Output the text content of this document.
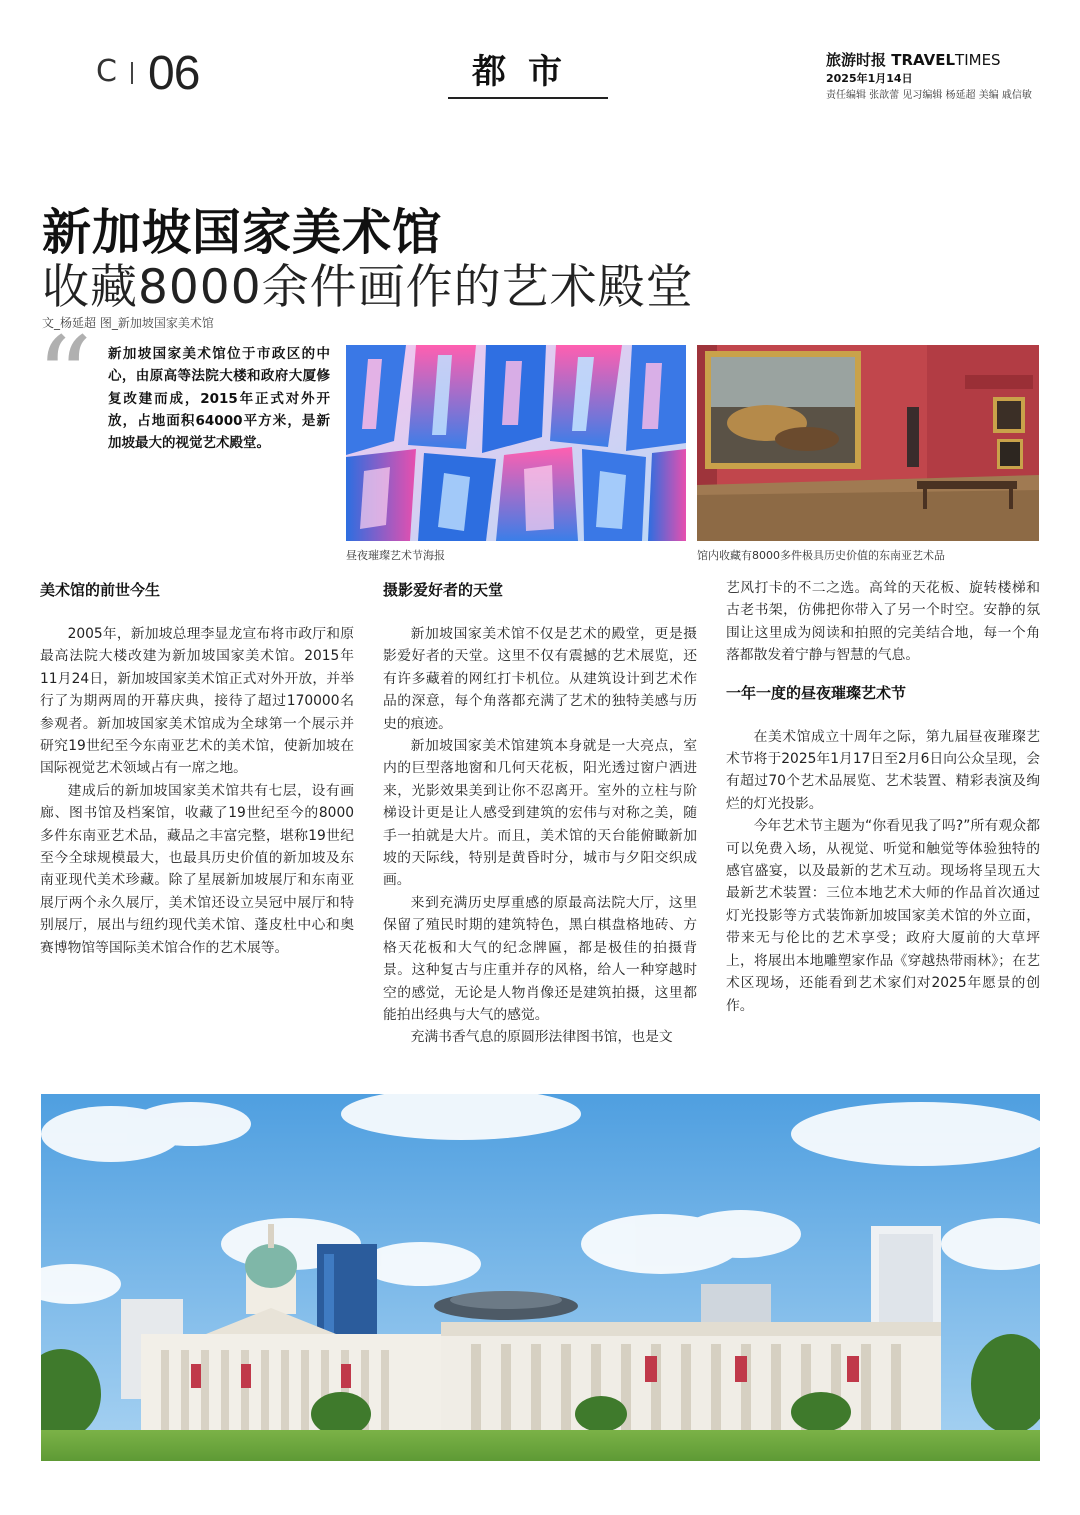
C 06	都市	旅游时报 TRAVELTIMES
2025年1月14日
责任编辑 张歆蕾 见习编辑 杨延超 美编 戚信敏
新加坡国家美术馆
收藏8000余件画作的艺术殿堂
文_杨延超 图_新加坡国家美术馆
“ 新加坡国家美术馆位于市政区的中心，由原高等法院大楼和政府大厦修复改建而成，2015年正式对外开放，占地面积64000平方米，是新加坡最大的视觉艺术殿堂。
昼夜璀璨艺术节海报	馆内收藏有8000多件极具历史价值的东南亚艺术品
美术馆的前世今生

2005年，新加坡总理李显龙宣布将市政厅和原最高法院大楼改建为新加坡国家美术馆。2015年11月24日，新加坡国家美术馆正式对外开放，并举行了为期两周的开幕庆典，接待了超过170000名参观者。新加坡国家美术馆成为全球第一个展示并研究19世纪至今东南亚艺术的美术馆，使新加坡在国际视觉艺术领域占有一席之地。

建成后的新加坡国家美术馆共有七层，设有画廊、图书馆及档案馆，收藏了19世纪至今的8000多件东南亚艺术品，藏品之丰富完整，堪称19世纪至今全球规模最大，也最具历史价值的新加坡及东南亚现代美术珍藏。除了星展新加坡展厅和东南亚展厅两个永久展厅，美术馆还设立吴冠中展厅和特别展厅，展出与纽约现代美术馆、蓬皮杜中心和奥赛博物馆等国际美术馆合作的艺术展等。

摄影爱好者的天堂

新加坡国家美术馆不仅是艺术的殿堂，更是摄影爱好者的天堂。这里不仅有震撼的艺术展览，还有许多藏着的网红打卡机位。从建筑设计到艺术作品的深意，每个角落都充满了艺术的独特美感与历史的痕迹。

新加坡国家美术馆建筑本身就是一大亮点，室内的巨型落地窗和几何天花板，阳光透过窗户洒进来，光影效果美到让你不忍离开。室外的立柱与阶梯设计更是让人感受到建筑的宏伟与对称之美，随手一拍就是大片。而且，美术馆的天台能俯瞰新加坡的天际线，特别是黄昏时分，城市与夕阳交织成画。

来到充满历史厚重感的原最高法院大厅，这里保留了殖民时期的建筑特色，黑白棋盘格地砖、方格天花板和大气的纪念牌匾，都是极佳的拍摄背景。这种复古与庄重并存的风格，给人一种穿越时空的感觉，无论是人物肖像还是建筑拍摄，这里都能拍出经典与大气的感觉。

充满书香气息的原圆形法律图书馆，也是文

艺风打卡的不二之选。高耸的天花板、旋转楼梯和古老书架，仿佛把你带入了另一个时空。安静的氛围让这里成为阅读和拍照的完美结合地，每一个角落都散发着宁静与智慧的气息。

一年一度的昼夜璀璨艺术节

在美术馆成立十周年之际，第九届昼夜璀璨艺术节将于2025年1月17日至2月6日向公众呈现，会有超过70个艺术品展览、艺术装置、精彩表演及绚烂的灯光投影。

今年艺术节主题为“你看见我了吗?”所有观众都可以免费入场，从视觉、听觉和触觉等体验独特的感官盛宴，以及最新的艺术互动。现场将呈现五大最新艺术装置：三位本地艺术大师的作品首次通过灯光投影等方式装饰新加坡国家美术馆的外立面，带来无与伦比的艺术享受；政府大厦前的大草坪上，将展出本地雕塑家作品《穿越热带雨林》；在艺术区现场，还能看到艺术家们对2025年愿景的创作。
